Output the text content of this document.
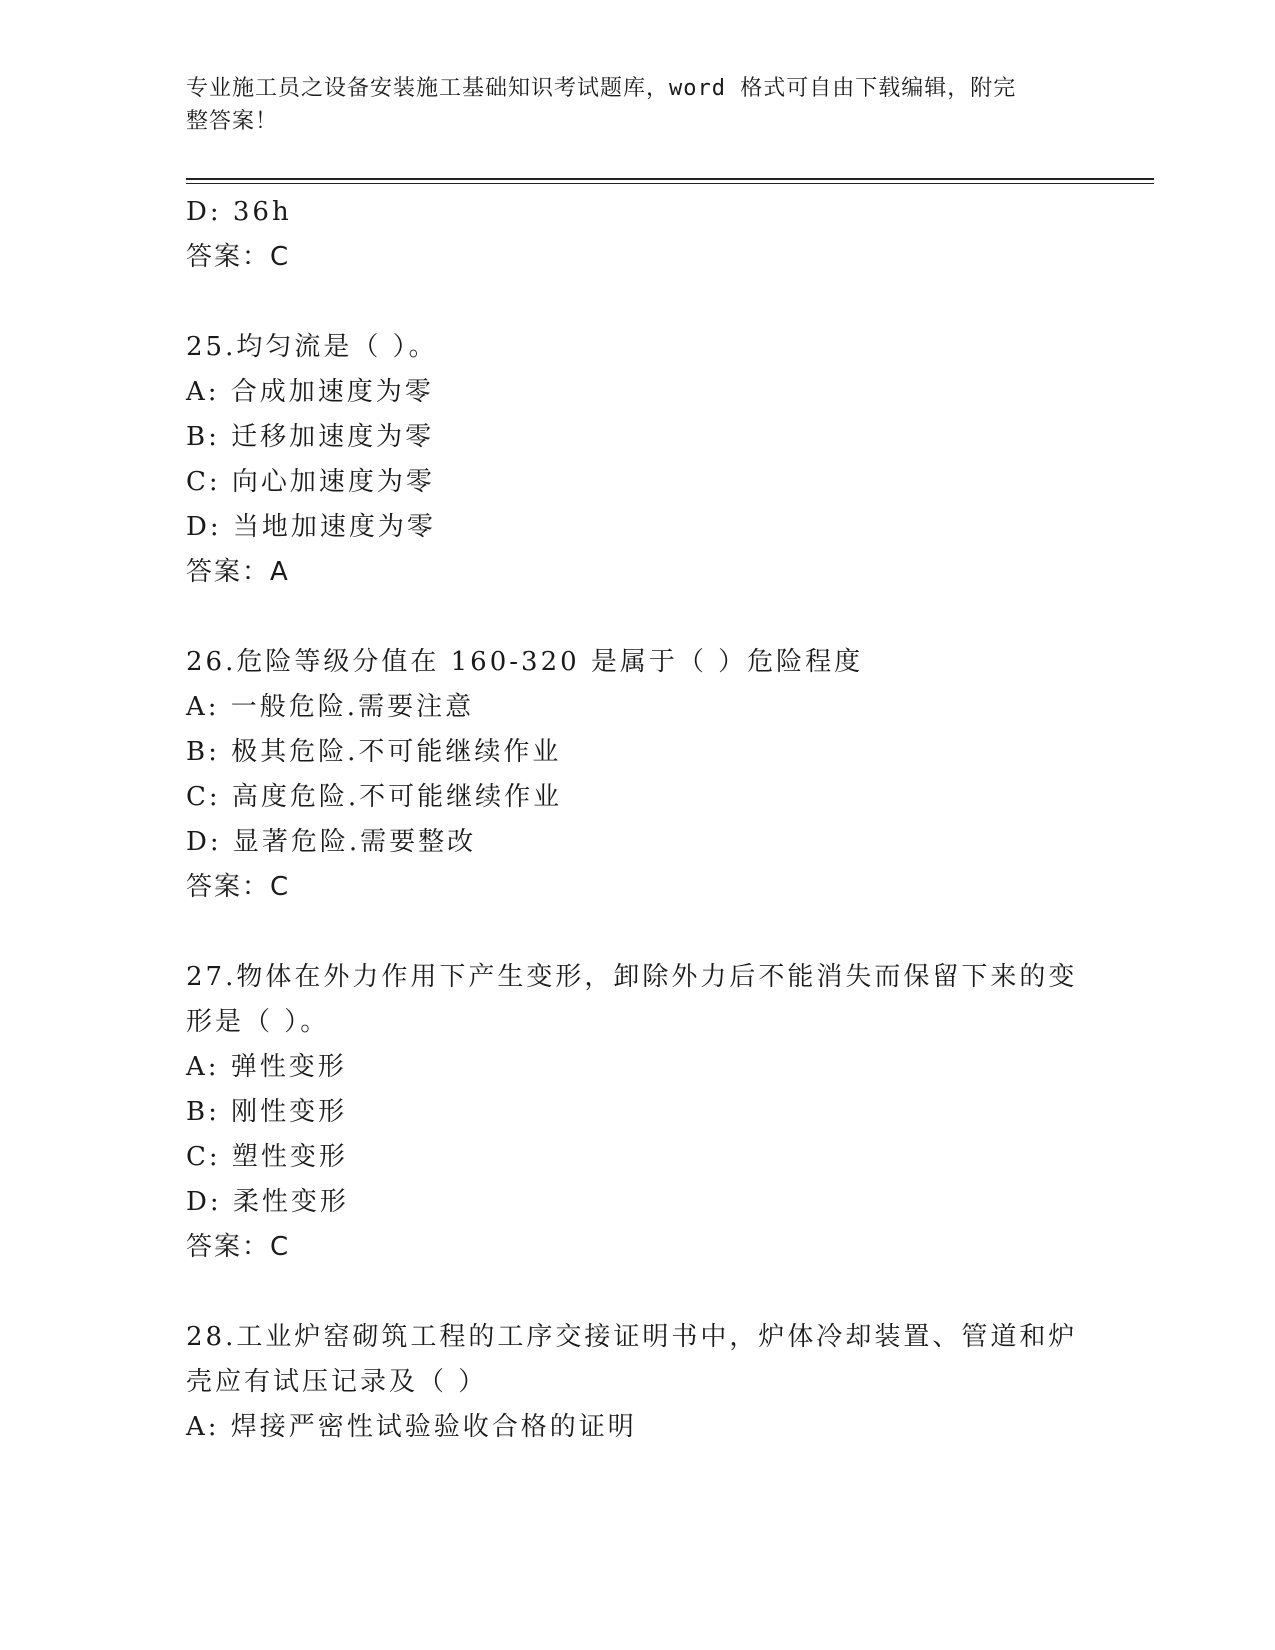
专业施工员之设备安装施工基础知识考试题库，word 格式可自由下载编辑，附完
整答案！
D: 36h
答案：C
25.均匀流是（ ）。
A: 合成加速度为零
B: 迁移加速度为零
C: 向心加速度为零
D: 当地加速度为零
答案：A
26.危险等级分值在 160-320 是属于（ ）危险程度
A: 一般危险.需要注意
B: 极其危险.不可能继续作业
C: 高度危险.不可能继续作业
D: 显著危险.需要整改
答案：C
27.物体在外力作用下产生变形，卸除外力后不能消失而保留下来的变
形是（ ）。
A: 弹性变形
B: 刚性变形
C: 塑性变形
D: 柔性变形
答案：C
28.工业炉窑砌筑工程的工序交接证明书中，炉体冷却装置、管道和炉
壳应有试压记录及（ ）
A: 焊接严密性试验验收合格的证明
